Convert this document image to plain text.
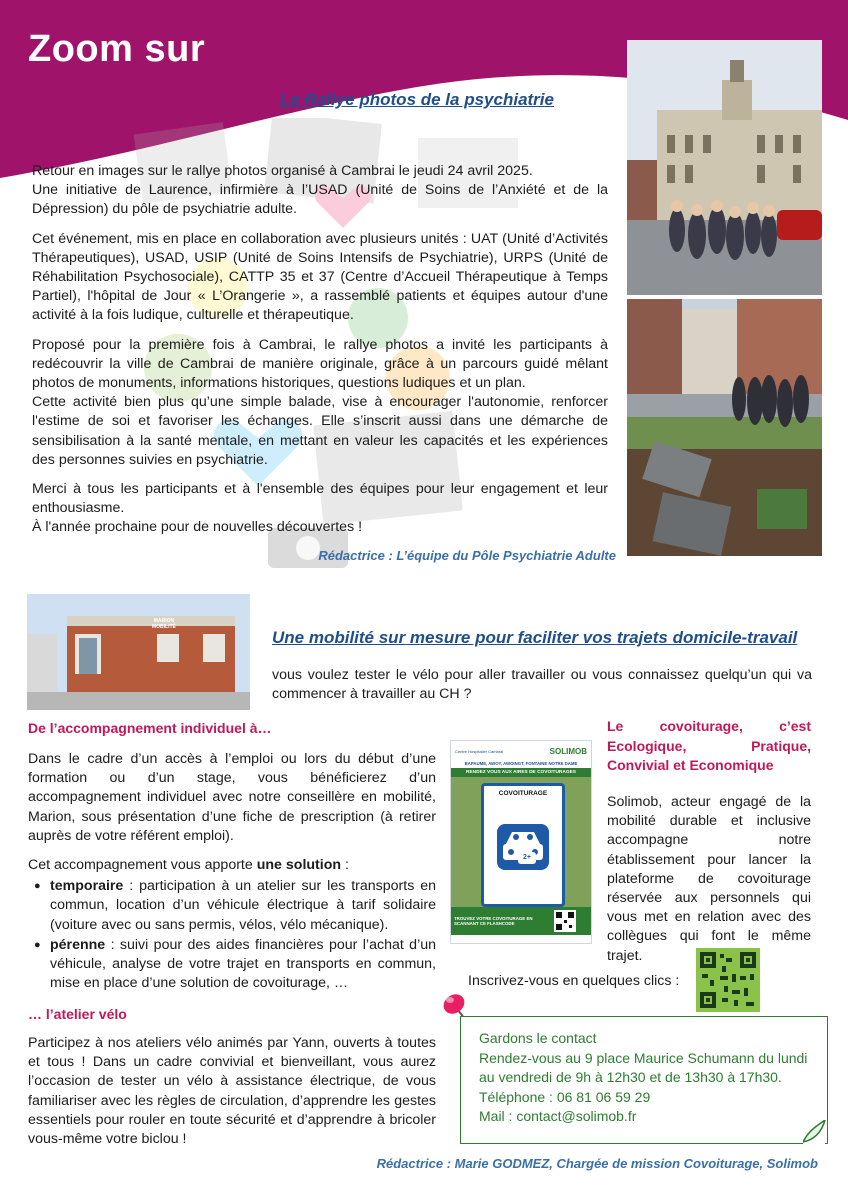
Zoom sur
Le Rallye photos de la psychiatrie

Retour en images sur le rallye photos organisé à Cambrai le jeudi 24 avril 2025.
Une initiative de Laurence, infirmière à l’USAD (Unité de Soins de l’Anxiété et de la Dépression) du pôle de psychiatrie adulte.

Cet événement, mis en place en collaboration avec plusieurs unités : UAT (Unité d’Activités Thérapeutiques), USAD, USIP (Unité de Soins Intensifs de Psychiatrie), URPS (Unité de Réhabilitation Psychosociale), CATTP 35 et 37 (Centre d’Accueil Thérapeutique à Temps Partiel), l'hôpital de Jour « L’Orangerie », a rassemblé patients et équipes autour d'une activité à la fois ludique, culturelle et thérapeutique.

Proposé pour la première fois à Cambrai, le rallye photos a invité les participants à redécouvrir la ville de Cambrai de manière originale, grâce à un parcours guidé mêlant photos de monuments, informations historiques, questions ludiques et un plan.
Cette activité bien plus qu’une simple balade, vise à encourager l'autonomie, renforcer l'estime de soi et favoriser les échanges. Elle s’inscrit aussi dans une démarche de sensibilisation à la santé mentale, en mettant en valeur les capacités et les expériences des personnes suivies en psychiatrie.

Merci à tous les participants et à l'ensemble des équipes pour leur engagement et leur enthousiasme.
À l'année prochaine pour de nouvelles découvertes !

Rédactrice : L’équipe du Pôle Psychiatrie Adulte
MARION
MOBILITÉ
Une mobilité sur mesure pour faciliter vos trajets domicile-travail
vous voulez tester le vélo pour aller travailler ou vous connaissez quelqu’un qui va commencer à travailler au CH ?
De l’accompagnement individuel à…

Dans le cadre d’un accès à l’emploi ou lors du début d’une formation ou d’un stage, vous bénéficierez d’un accompagnement individuel avec notre conseillère en mobilité, Marion, sous présentation d’une fiche de prescription (à retirer auprès de votre référent emploi).

Cet accompagnement vous apporte une solution :

● temporaire : participation à un atelier sur les transports en commun, location d’un véhicule électrique à tarif solidaire (voiture avec ou sans permis, vélos, vélo mécanique).
● pérenne : suivi pour des aides financières pour l’achat d’un véhicule, analyse de votre trajet en transports en commun, mise en place d’une solution de covoiturage, …
… l’atelier vélo
Participez à nos ateliers vélo animés par Yann, ouverts à toutes et tous ! Dans un cadre convivial et bienveillant, vous aurez l’occasion de tester un vélo à assistance électrique, de vous familiariser avec les règles de circulation, d’apprendre les gestes essentiels pour rouler en toute sécurité et d’apprendre à bricoler vous-même votre biclou !
Centre Hospitalier Cambrai	SOLIMOB
BAPAUME, AWOY, AWOINGT, FONTAINE NOTRE DAME
RENDEZ VOUS AUX AIRES DE COVOITURAGES
COVOITURAGE
2+
TROUVEZ VOTRE COVOITURAGE EN SCANNANT CE FLASHCODE
Le covoiturage, c’est Ecologique, Pratique, Convivial et Economique
Solimob, acteur engagé de la mobilité durable et inclusive accompagne notre établissement pour lancer la plateforme de covoiturage réservée aux personnels qui vous met en relation avec des collègues qui font le même trajet.
Inscrivez-vous en quelques clics :
Gardons le contact
Rendez-vous au 9 place Maurice Schumann du lundi au vendredi de 9h à 12h30 et de 13h30 à 17h30.
Téléphone : 06 81 06 59 29
Mail : contact@solimob.fr
Rédactrice : Marie GODMEZ, Chargée de mission Covoiturage, Solimob
